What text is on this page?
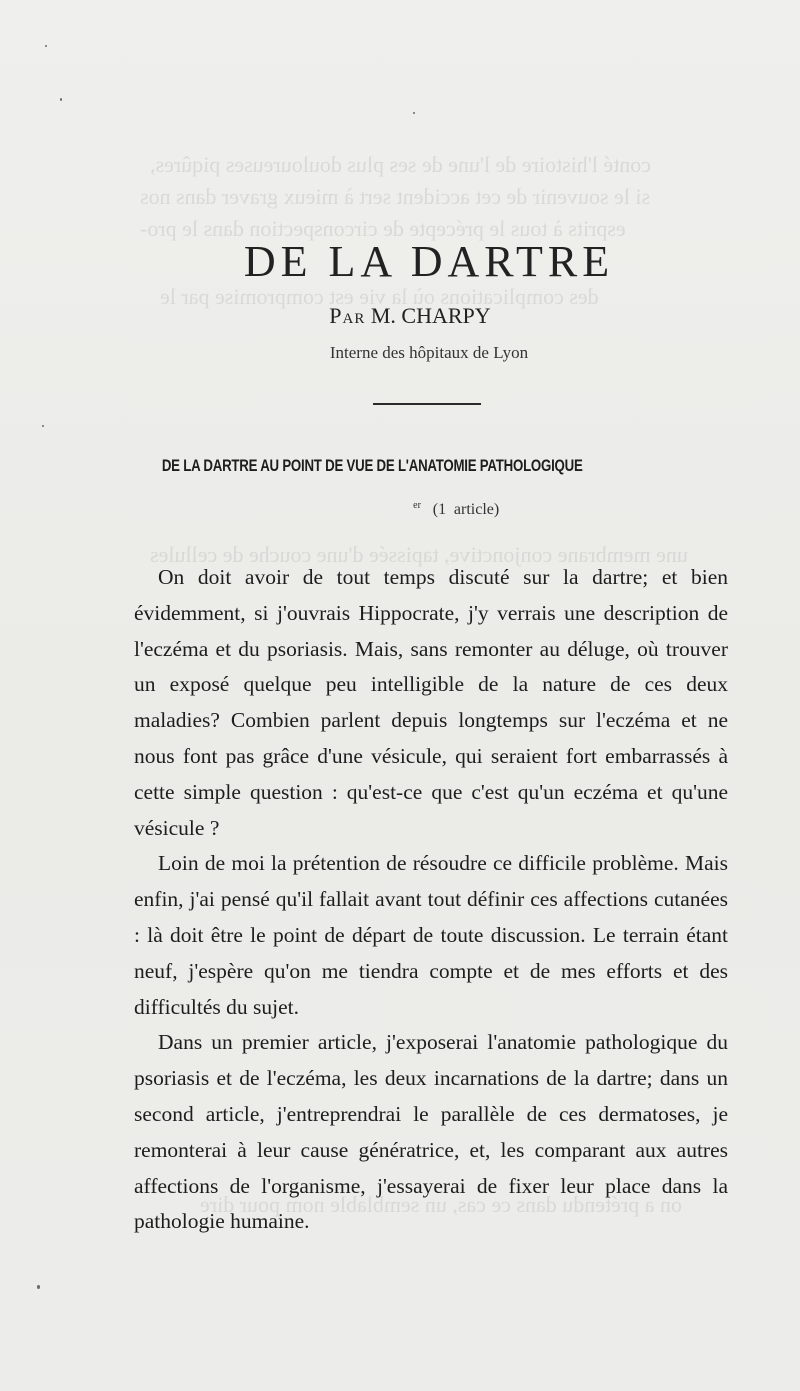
conté l'histoire de l'une de ses plus douloureuses piqûres,
si le souvenir de cet accident sert à mieux graver dans nos
esprits à tous le précepte de circonspection dans le pro-
des complications où la vie est compromise par le
une membrane conjonctive, tapissée d'une couche de cellules
on a prétendu dans ce cas, un semblable nom pour dire
DE LA DARTRE
Par M. CHARPY
Interne des hôpitaux de Lyon
DE LA DARTRE AU POINT DE VUE DE L'ANATOMIE PATHOLOGIQUE
(1erarticle)

On doit avoir de tout temps discuté sur la dartre; et bien évidemment, si j'ouvrais Hippocrate, j'y verrais une description de l'eczéma et du psoriasis. Mais, sans remonter au déluge, où trouver un exposé quelque peu intelligible de la nature de ces deux maladies? Combien parlent depuis longtemps sur l'eczéma et ne nous font pas grâce d'une vésicule, qui seraient fort embarrassés à cette simple question : qu'est-ce que c'est qu'un eczéma et qu'une vésicule ?

Loin de moi la prétention de résoudre ce difficile problème. Mais enfin, j'ai pensé qu'il fallait avant tout définir ces affections cutanées : là doit être le point de départ de toute discussion. Le terrain étant neuf, j'espère qu'on me tiendra compte et de mes efforts et des difficultés du sujet.

Dans un premier article, j'exposerai l'anatomie pathologique du psoriasis et de l'eczéma, les deux incarnations de la dartre; dans un second article, j'entreprendrai le parallèle de ces dermatoses, je remonterai à leur cause génératrice, et, les comparant aux autres affections de l'organisme, j'essayerai de fixer leur place dans la pathologie humaine.
